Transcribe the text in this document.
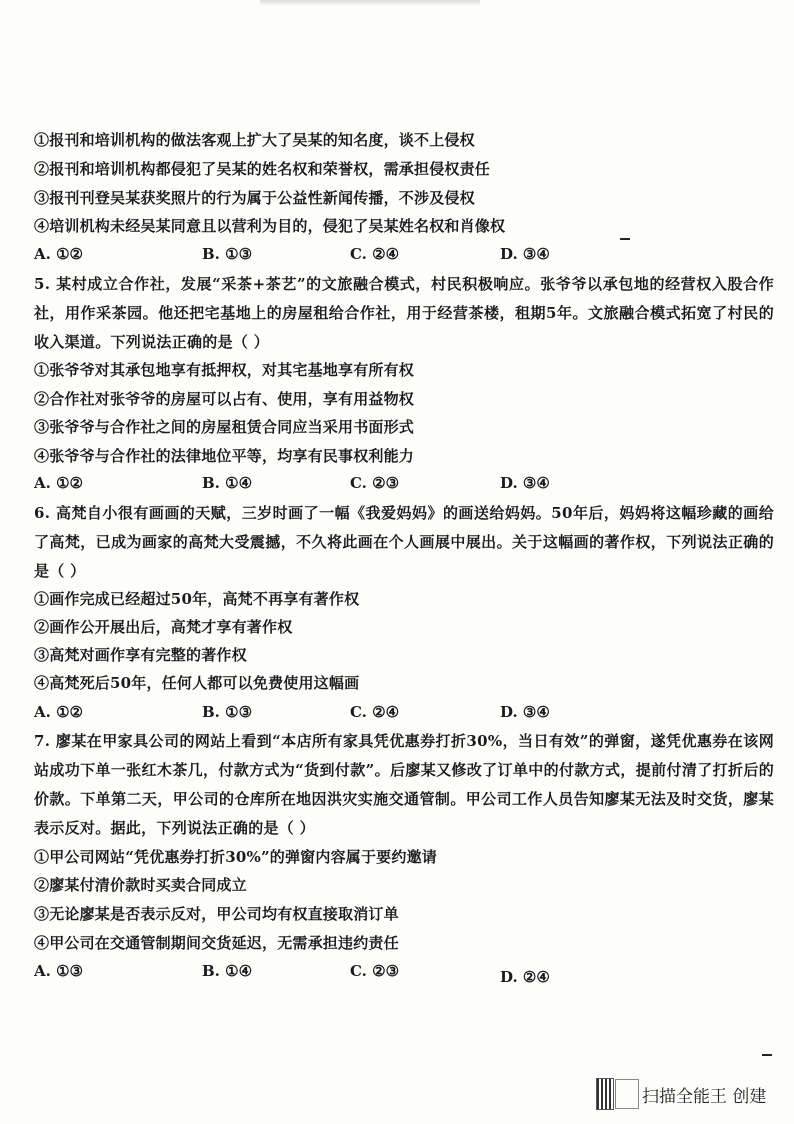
①报刊和培训机构的做法客观上扩大了吴某的知名度，谈不上侵权
②报刊和培训机构都侵犯了吴某的姓名权和荣誉权，需承担侵权责任
③报刊刊登吴某获奖照片的行为属于公益性新闻传播，不涉及侵权
④培训机构未经吴某同意且以营利为目的，侵犯了吴某姓名权和肖像权
A. ①②	B. ①③	C. ②④	D. ③④
5. 某村成立合作社，发展“采茶+茶艺”的文旅融合模式，村民积极响应。张爷爷以承包地的经营权入股合作社，用作采茶园。他还把宅基地上的房屋租给合作社，用于经营茶楼，租期5年。文旅融合模式拓宽了村民的收入渠道。下列说法正确的是（ ）
①张爷爷对其承包地享有抵押权，对其宅基地享有所有权
②合作社对张爷爷的房屋可以占有、使用，享有用益物权
③张爷爷与合作社之间的房屋租赁合同应当采用书面形式
④张爷爷与合作社的法律地位平等，均享有民事权利能力
A. ①②	B. ①④	C. ②③	D. ③④
6. 高梵自小很有画画的天赋，三岁时画了一幅《我爱妈妈》的画送给妈妈。50年后，妈妈将这幅珍藏的画给了高梵，已成为画家的高梵大受震撼，不久将此画在个人画展中展出。关于这幅画的著作权，下列说法正确的是（ ）
①画作完成已经超过50年，高梵不再享有著作权
②画作公开展出后，高梵才享有著作权
③高梵对画作享有完整的著作权
④高梵死后50年，任何人都可以免费使用这幅画
A. ①②	B. ①③	C. ②④	D. ③④
7. 廖某在甲家具公司的网站上看到“本店所有家具凭优惠券打折30%，当日有效”的弹窗，遂凭优惠券在该网站成功下单一张红木茶几，付款方式为“货到付款”。后廖某又修改了订单中的付款方式，提前付清了打折后的价款。下单第二天，甲公司的仓库所在地因洪灾实施交通管制。甲公司工作人员告知廖某无法及时交货，廖某表示反对。据此，下列说法正确的是（ ）
①甲公司网站“凭优惠券打折30%”的弹窗内容属于要约邀请
②廖某付清价款时买卖合同成立
③无论廖某是否表示反对，甲公司均有权直接取消订单
④甲公司在交通管制期间交货延迟，无需承担违约责任
A. ①③	B. ①④	C. ②③	D. ②④
扫描全能王 创建
